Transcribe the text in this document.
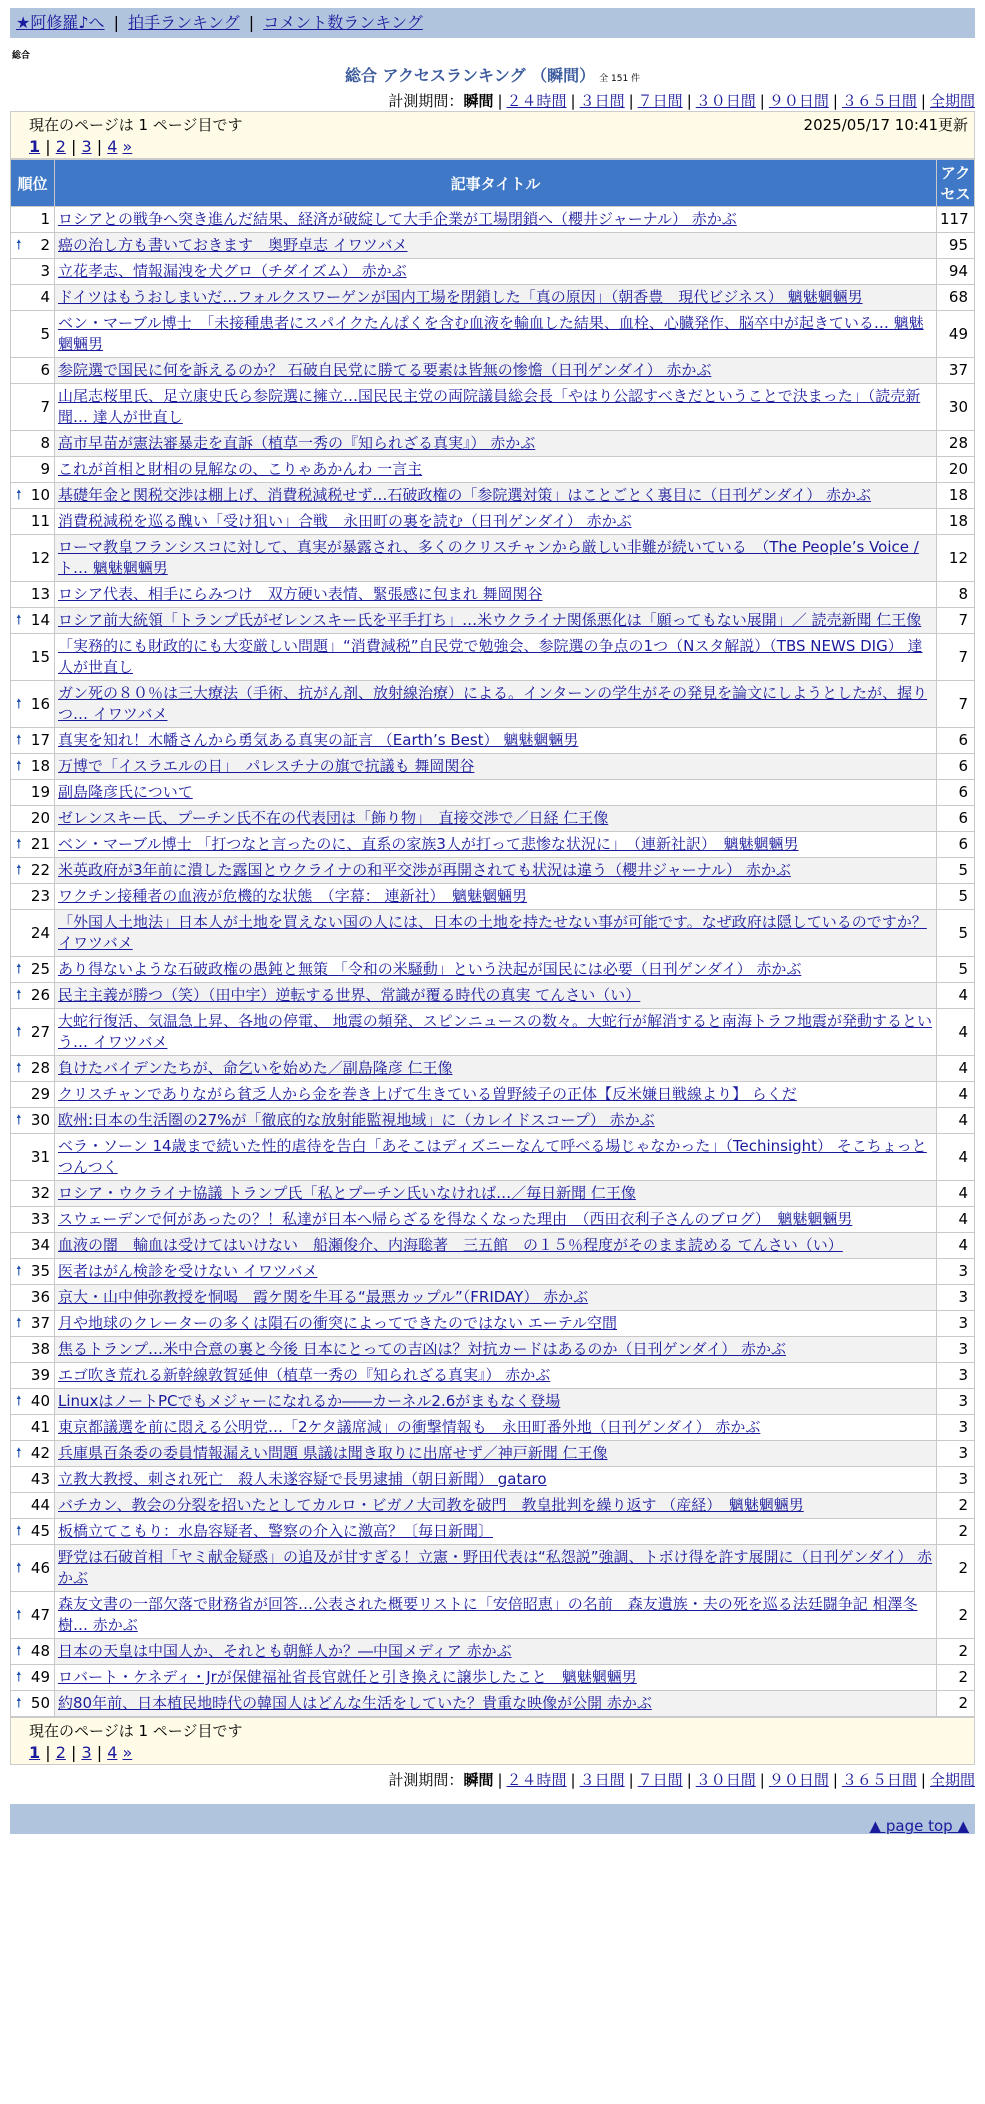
★阿修羅♪へ | 拍手ランキング | コメント数ランキング
総合
総合 アクセスランキング （瞬間） 全 151 件
計測期間：瞬間 | ２４時間 | ３日間 | ７日間 | ３０日間 | ９０日間 | ３６５日間 | 全期間
現在のページは 1 ページ目です	2025/05/17 10:41更新
1 | 2 | 3 | 4 »
順位	記事タイトル	アクセス
1	ロシアとの戦争へ突き進んだ結果、経済が破綻して大手企業が工場閉鎖へ（櫻井ジャーナル） 赤かぶ	117

🠕 2	癌の治し方も書いておきます　奥野卓志 イワツバメ	95
3	立花孝志、情報漏洩を犬グロ（チダイズム） 赤かぶ	94
4	ドイツはもうおしまいだ…フォルクスワーゲンが国内工場を閉鎖した「真の原因」（朝香豊　現代ビジネス） 魑魅魍魎男	68
5	ベン・マーブル博士　「未接種患者にスパイクたんぱくを含む血液を輸血した結果、血栓、心臓発作、脳卒中が起きている… 魑魅魍魎男	49
6	参院選で国民に何を訴えるのか？ 石破自民党に勝てる要素は皆無の惨憺（日刊ゲンダイ） 赤かぶ	37
7	山尾志桜里氏、足立康史氏ら参院選に擁立…国民民主党の両院議員総会長「やはり公認すべきだということで決まった」（読売新聞… 達人が世直し	30
8	高市早苗が憲法審暴走を直訴（植草一秀の『知られざる真実』） 赤かぶ	28
9	これが首相と財相の見解なの、こりゃあかんわ 一言主	20

🠕 10	基礎年金と関税交渉は棚上げ、消費税減税せず…石破政権の「参院選対策」はことごとく裏目に（日刊ゲンダイ） 赤かぶ	18
11	消費税減税を巡る醜い「受け狙い」合戦　永田町の裏を読む（日刊ゲンダイ） 赤かぶ	18
12	ローマ教皇フランシスコに対して、真実が暴露され、多くのクリスチャンから厳しい非難が続いている　（The People’s Voice / ト… 魑魅魍魎男	12
13	ロシア代表、相手にらみつけ　双方硬い表情、緊張感に包まれ 舞岡関谷	8

🠕 14	ロシア前大統領「トランプ氏がゼレンスキー氏を平手打ち」…米ウクライナ関係悪化は「願ってもない展開」／ 読売新聞 仁王像	7
15	「実務的にも財政的にも大変厳しい問題」“消費減税”自民党で勉強会、参院選の争点の1つ（Nスタ解説）（TBS NEWS DIG） 達人が世直し	7

🠕 16	ガン死の８０％は三大療法（手術、抗がん剤、放射線治療）による。インターンの学生がその発見を論文にしようとしたが、握りつ… イワツバメ	7

🠕 17	真実を知れ！木幡さんから勇気ある真実の証言 （Earth’s Best） 魑魅魍魎男	6

🠕 18	万博で「イスラエルの日」　パレスチナの旗で抗議も 舞岡関谷	6
19	副島隆彦氏について	6
20	ゼレンスキー氏、プーチン氏不在の代表団は「飾り物」　直接交渉で／日経 仁王像	6

🠕 21	ベン・マーブル博士 「打つなと言ったのに、直系の家族3人が打って悲惨な状況に」　（連新社訳）　魑魅魍魎男	6

🠕 22	米英政府が3年前に潰した露国とウクライナの和平交渉が再開されても状況は違う（櫻井ジャーナル） 赤かぶ	5
23	ワクチン接種者の血液が危機的な状態　（字幕： 連新社）　魑魅魍魎男	5
24	「外国人土地法」日本人が土地を買えない国の人には、日本の土地を持たせない事が可能です。なぜ政府は隠しているのですか？ イワツバメ	5

🠕 25	あり得ないような石破政権の愚鈍と無策 「令和の米騒動」という決起が国民には必要（日刊ゲンダイ） 赤かぶ	5

🠕 26	民主主義が勝つ（笑）（田中宇）逆転する世界、常識が覆る時代の真実 てんさい（い）	4

🠕 27	大蛇行復活、気温急上昇、各地の停電、 地震の頻発、スピンニュースの数々。大蛇行が解消すると南海トラフ地震が発動するという… イワツバメ	4

🠕 28	負けたバイデンたちが、命乞いを始めた／副島隆彦 仁王像	4
29	クリスチャンでありながら貧乏人から金を巻き上げて生きている曽野綾子の正体【反米嫌日戦線より】 らくだ	4

🠕 30	欧州:日本の生活圏の27%が「徹底的な放射能監視地域」に（カレイドスコープ） 赤かぶ	4
31	ベラ・ソーン 14歳まで続いた性的虐待を告白「あそこはディズニーなんて呼べる場じゃなかった」（Techinsight） そこちょっとつんつく	4
32	ロシア・ウクライナ協議 トランプ氏「私とプーチン氏いなければ…／毎日新聞 仁王像	4
33	スウェーデンで何があったの？！私達が日本へ帰らざるを得なくなった理由　（西田衣利子さんのブログ）　魑魅魍魎男	4
34	血液の闇　輸血は受けてはいけない　船瀬俊介、内海聡著　三五館　の１５％程度がそのまま読める てんさい（い）	4

🠕 35	医者はがん検診を受けない イワツバメ	3
36	京大・山中伸弥教授を恫喝　霞ケ関を牛耳る“最悪カップル”（FRIDAY） 赤かぶ	3

🠕 37	月や地球のクレーターの多くは隕石の衝突によってできたのではない エーテル空間	3
38	焦るトランプ…米中合意の裏と今後 日本にとっての吉凶は？対抗カードはあるのか（日刊ゲンダイ） 赤かぶ	3
39	エゴ吹き荒れる新幹線敦賀延伸（植草一秀の『知られざる真実』） 赤かぶ	3

🠕 40	LinuxはノートPCでもメジャーになれるか――カーネル2.6がまもなく登場	3
41	東京都議選を前に悶える公明党…「2ケタ議席減」の衝撃情報も　永田町番外地（日刊ゲンダイ） 赤かぶ	3

🠕 42	兵庫県百条委の委員情報漏えい問題 県議は聞き取りに出席せず／神戸新聞 仁王像	3
43	立教大教授、刺され死亡　殺人未遂容疑で長男逮捕（朝日新聞） gataro	3
44	バチカン、教会の分裂を招いたとしてカルロ・ビガノ大司教を破門　教皇批判を繰り返す （産経）　魑魅魍魎男	2

🠕 45	板橋立てこもり：水島容疑者、警察の介入に激高？〔毎日新聞〕	2

🠕 46	野党は石破首相「ヤミ献金疑惑」の追及が甘すぎる！立憲・野田代表は“私怨説”強調、トボけ得を許す展開に（日刊ゲンダイ） 赤かぶ	2

🠕 47	森友文書の一部欠落で財務省が回答…公表された概要リストに「安倍昭恵」の名前　森友遺族・夫の死を巡る法廷闘争記 相澤冬樹… 赤かぶ	2

🠕 48	日本の天皇は中国人か、それとも朝鮮人か？―中国メディア 赤かぶ	2

🠕 49	ロバート・ケネディ・Jrが保健福祉省長官就任と引き換えに譲歩したこと　魑魅魍魎男	2

🠕 50	約80年前、日本植民地時代の韓国人はどんな生活をしていた？貴重な映像が公開 赤かぶ	2
現在のページは 1 ページ目です
1 | 2 | 3 | 4 »
計測期間：瞬間 | ２４時間 | ３日間 | ７日間 | ３０日間 | ９０日間 | ３６５日間 | 全期間
▲ page top ▲
